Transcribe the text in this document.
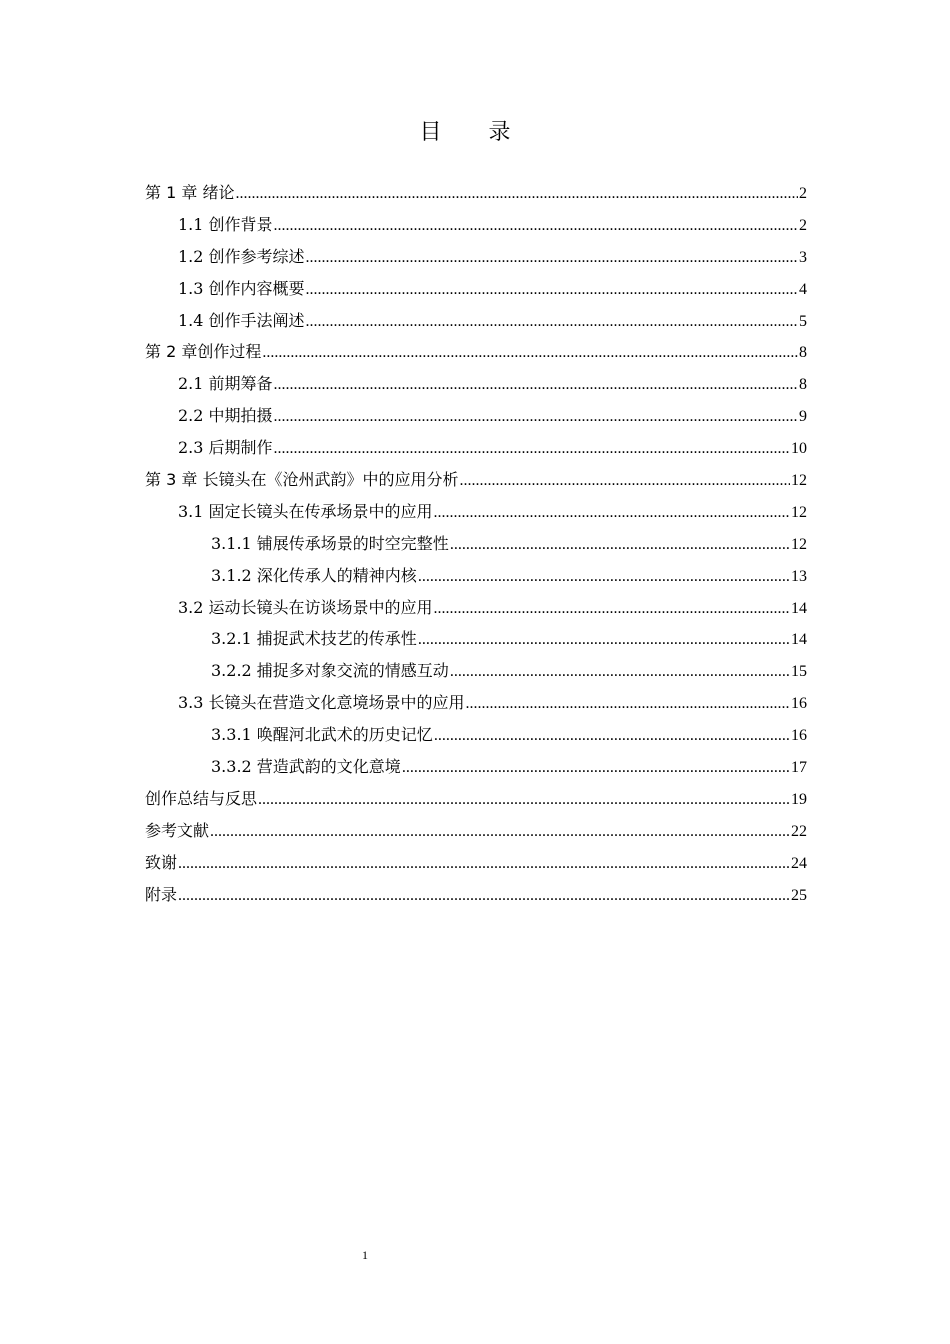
目 录
第 1 章 绪论 .....	2
1.1 创作背景 .....	2
1.2 创作参考综述 .....	3
1.3 创作内容概要 .....	4
1.4 创作手法阐述 .....	5
第 2 章创作过程 .....	8
2.1 前期筹备 .....	8
2.2 中期拍摄 .....	9
2.3 后期制作 .....	10
第 3 章 长镜头在《沧州武韵》中的应用分析 .....	12
3.1 固定长镜头在传承场景中的应用 .....	12
3.1.1 铺展传承场景的时空完整性 .....	12
3.1.2 深化传承人的精神内核 .....	13
3.2 运动长镜头在访谈场景中的应用 .....	14
3.2.1 捕捉武术技艺的传承性 .....	14
3.2.2 捕捉多对象交流的情感互动 .....	15
3.3 长镜头在营造文化意境场景中的应用 .....	16
3.3.1 唤醒河北武术的历史记忆 .....	16
3.3.2 营造武韵的文化意境 .....	17
创作总结与反思 .....	19
参考文献 .....	22
致谢 .....	24
附录 .....	25
1
